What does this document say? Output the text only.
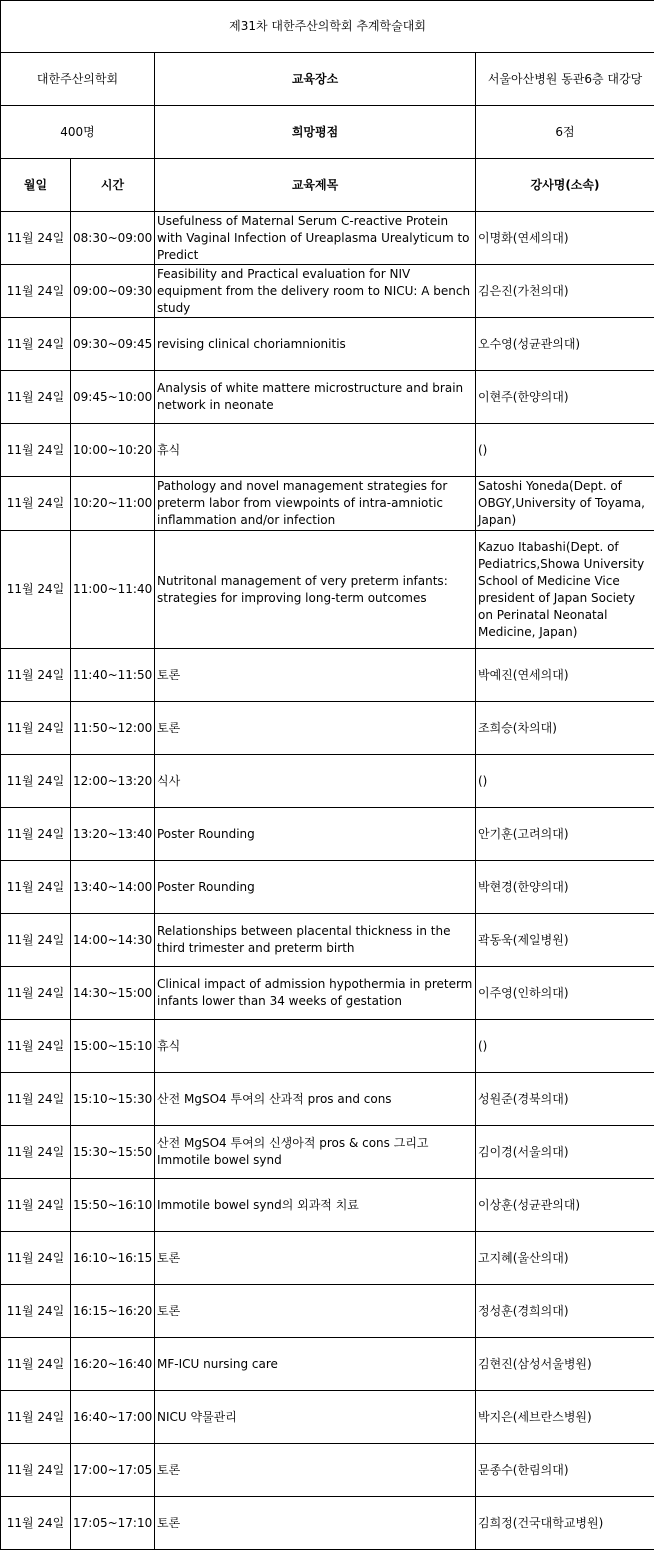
제31차 대한주산의학회 추계학술대회			
대한주산의학회		교육장소	서울아산병원 동관6층 대강당
400명		희망평점	6점
월일	시간	교육제목	강사명(소속)
11월 24일	08:30~09:00	Usefulness of Maternal Serum C-reactive Protein with Vaginal Infection of Ureaplasma Urealyticum to Predict	이명화(연세의대)
11월 24일	09:00~09:30	Feasibility and Practical evaluation for NIV equipment from the delivery room to NICU: A bench study	김은진(가천의대)
11월 24일	09:30~09:45	revising clinical choriamnionitis	오수영(성균관의대)
11월 24일	09:45~10:00	Analysis of white mattere microstructure and brain network in neonate	이현주(한양의대)
11월 24일	10:00~10:20	휴식	()
11월 24일	10:20~11:00	Pathology and novel management strategies for preterm labor from viewpoints of intra-amniotic inflammation and/or infection	Satoshi Yoneda(Dept. of OBGY,University of Toyama, Japan)
11월 24일	11:00~11:40	Nutritonal management of very preterm infants: strategies for improving long-term outcomes	Kazuo Itabashi(Dept. of Pediatrics,Showa University School of Medicine Vice president of Japan Society on Perinatal Neonatal Medicine, Japan)
11월 24일	11:40~11:50	토론	박예진(연세의대)
11월 24일	11:50~12:00	토론	조희승(차의대)
11월 24일	12:00~13:20	식사	()
11월 24일	13:20~13:40	Poster Rounding	안기훈(고려의대)
11월 24일	13:40~14:00	Poster Rounding	박현경(한양의대)
11월 24일	14:00~14:30	Relationships between placental thickness in the third trimester and preterm birth	곽동욱(제일병원)
11월 24일	14:30~15:00	Clinical impact of admission hypothermia in preterm infants lower than 34 weeks of gestation	이주영(인하의대)
11월 24일	15:00~15:10	휴식	()
11월 24일	15:10~15:30	산전 MgSO4 투여의 산과적 pros and cons	성원준(경북의대)
11월 24일	15:30~15:50	산전 MgSO4 투여의 신생아적 pros & cons 그리고 Immotile bowel synd	김이경(서울의대)
11월 24일	15:50~16:10	Immotile bowel synd의 외과적 치료	이상훈(성균관의대)
11월 24일	16:10~16:15	토론	고지혜(울산의대)
11월 24일	16:15~16:20	토론	정성훈(경희의대)
11월 24일	16:20~16:40	MF-ICU nursing care	김현진(삼성서울병원)
11월 24일	16:40~17:00	NICU 약물관리	박지은(세브란스병원)
11월 24일	17:00~17:05	토론	문종수(한림의대)
11월 24일	17:05~17:10	토론	김희정(건국대학교병원)
